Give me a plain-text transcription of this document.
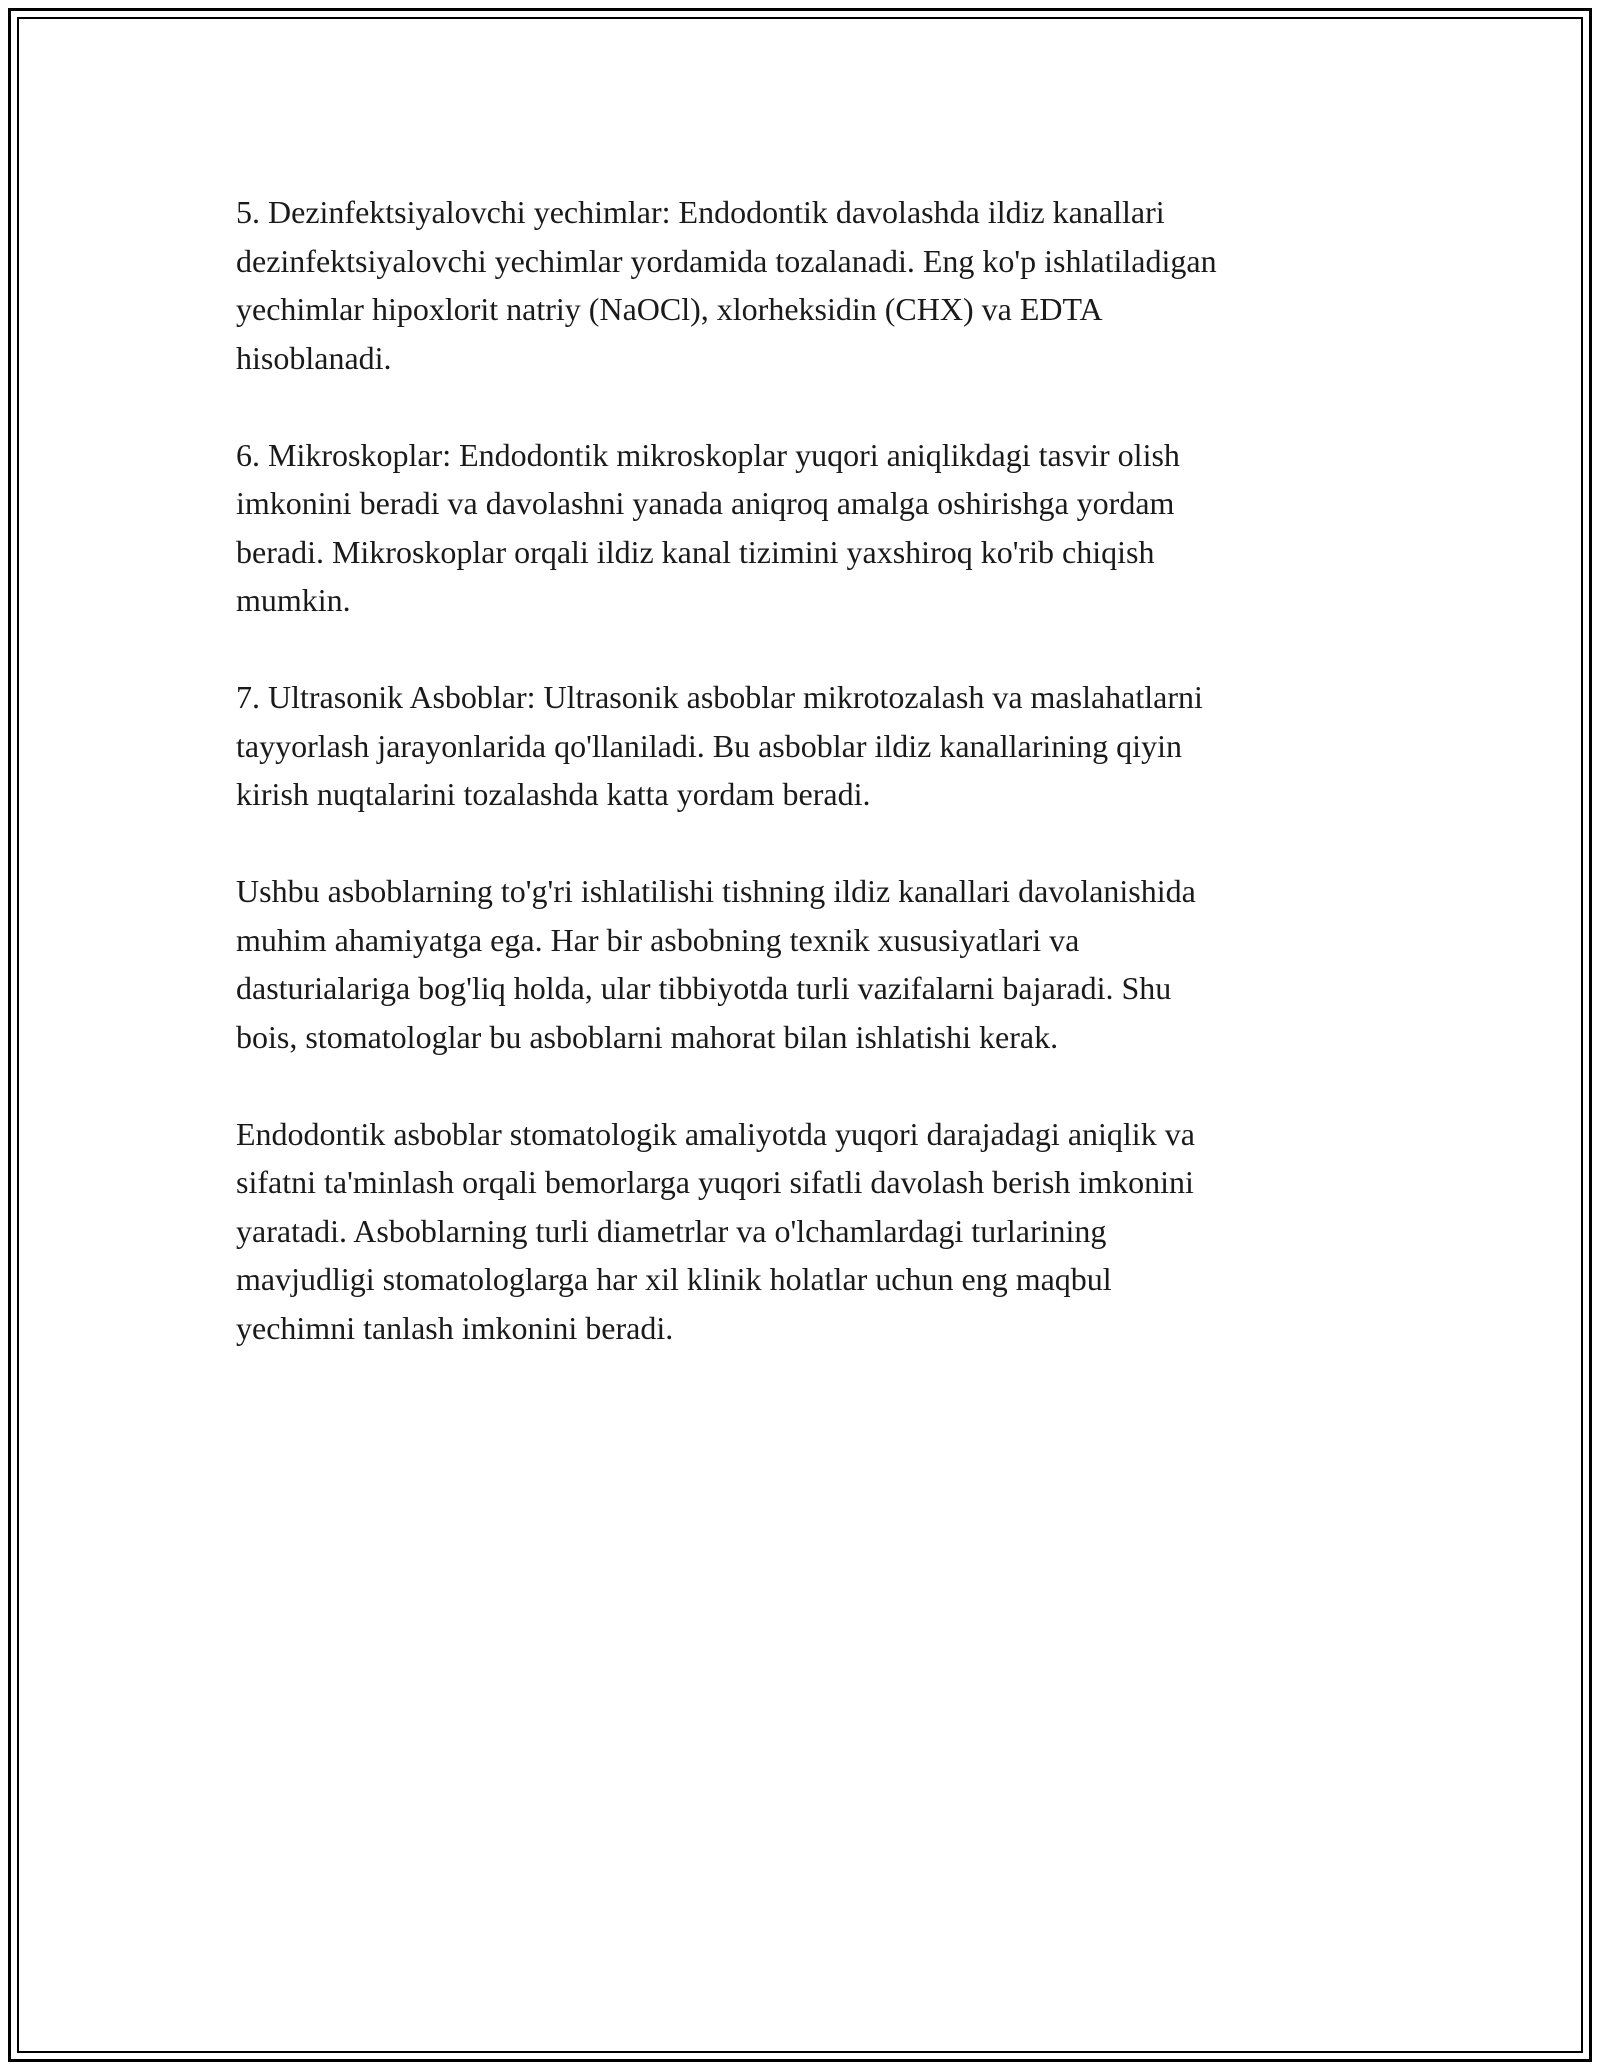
5. Dezinfektsiyalovchi yechimlar: Endodontik davolashda ildiz kanallari
dezinfektsiyalovchi yechimlar yordamida tozalanadi. Eng ko'p ishlatiladigan
yechimlar hipoxlorit natriy (NaOCl), xlorheksidin (CHX) va EDTA
hisoblanadi.

6. Mikroskoplar: Endodontik mikroskoplar yuqori aniqlikdagi tasvir olish
imkonini beradi va davolashni yanada aniqroq amalga oshirishga yordam
beradi. Mikroskoplar orqali ildiz kanal tizimini yaxshiroq ko'rib chiqish
mumkin.

7. Ultrasonik Asboblar: Ultrasonik asboblar mikrotozalash va maslahatlarni
tayyorlash jarayonlarida qo'llaniladi. Bu asboblar ildiz kanallarining qiyin
kirish nuqtalarini tozalashda katta yordam beradi.

Ushbu asboblarning to'g'ri ishlatilishi tishning ildiz kanallari davolanishida
muhim ahamiyatga ega. Har bir asbobning texnik xususiyatlari va
dasturialariga bog'liq holda, ular tibbiyotda turli vazifalarni bajaradi. Shu
bois, stomatologlar bu asboblarni mahorat bilan ishlatishi kerak.

Endodontik asboblar stomatologik amaliyotda yuqori darajadagi aniqlik va
sifatni ta'minlash orqali bemorlarga yuqori sifatli davolash berish imkonini
yaratadi. Asboblarning turli diametrlar va o'lchamlardagi turlarining
mavjudligi stomatologlarga har xil klinik holatlar uchun eng maqbul
yechimni tanlash imkonini beradi.
